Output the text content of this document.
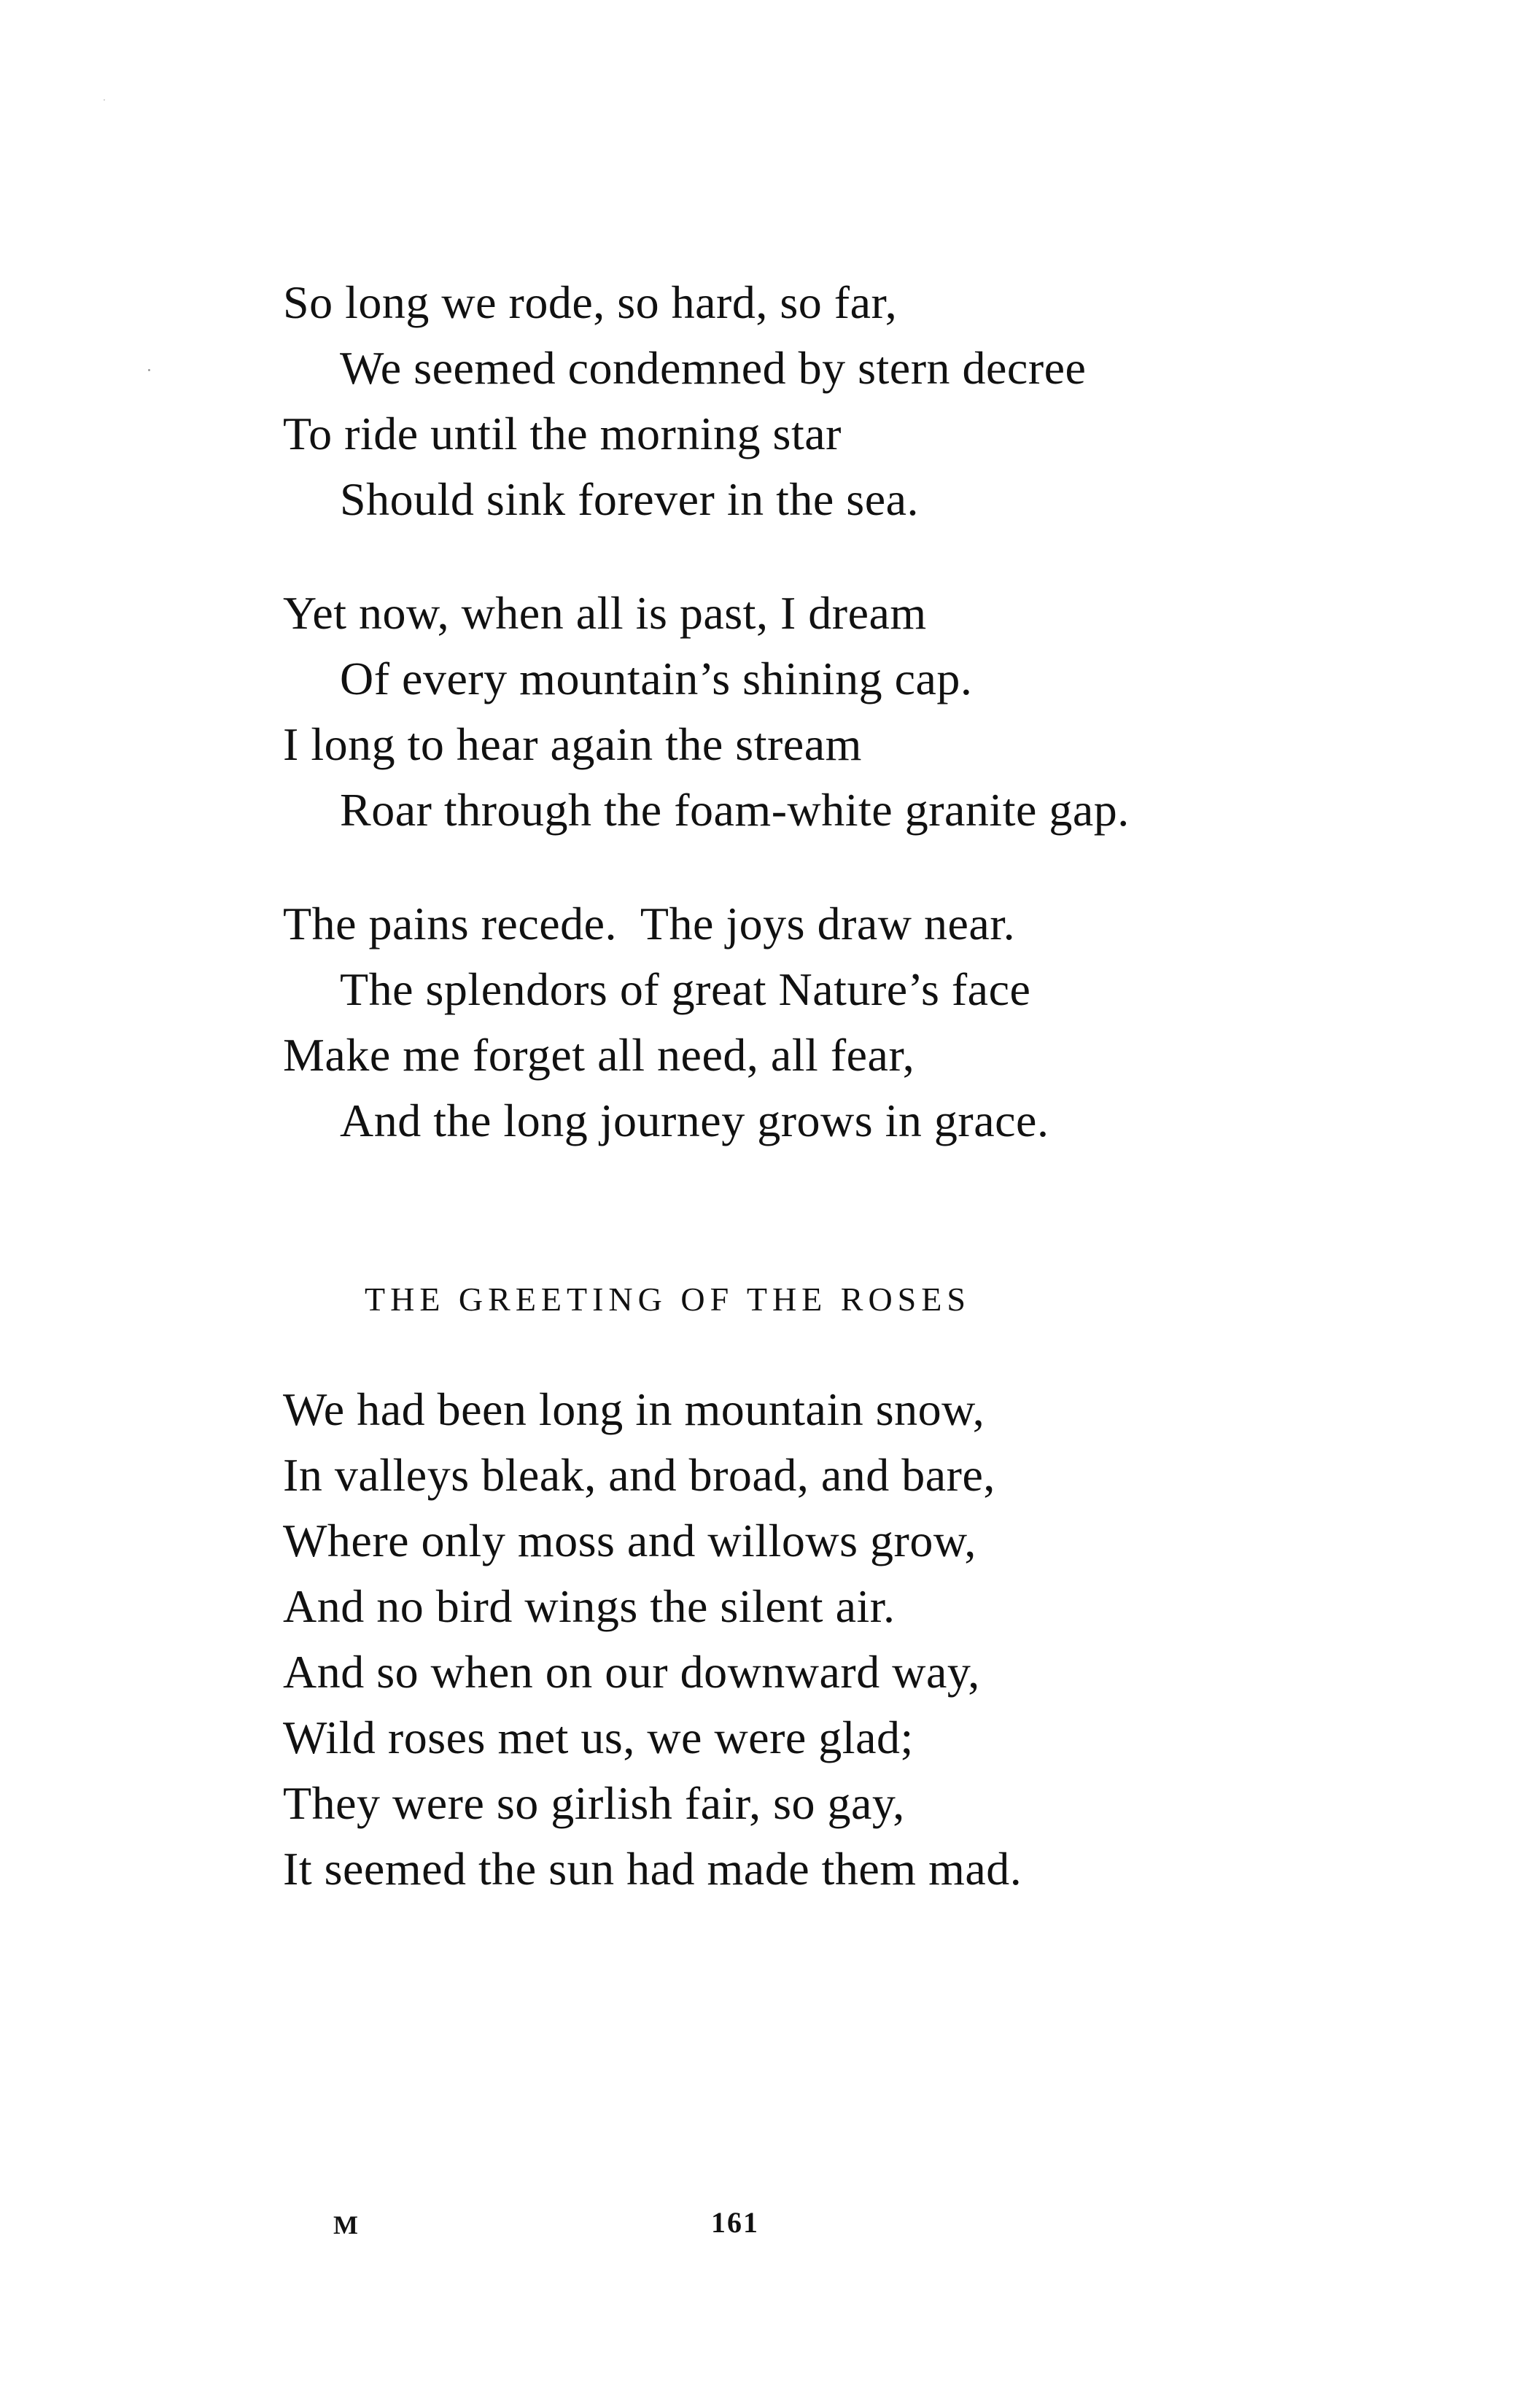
So long we rode, so hard, so far,
We seemed condemned by stern decree
To ride until the morning star
Should sink forever in the sea.
Yet now, when all is past, I dream
Of every mountain’s shining cap.
I long to hear again the stream
Roar through the foam-white granite gap.
The pains recede.  The joys draw near.
The splendors of great Nature’s face
Make me forget all need, all fear,
And the long journey grows in grace.
THE GREETING OF THE ROSES
We had been long in mountain snow,
In valleys bleak, and broad, and bare,
Where only moss and willows grow,
And no bird wings the silent air.
And so when on our downward way,
Wild roses met us, we were glad;
They were so girlish fair, so gay,
It seemed the sun had made them mad.
M	161
